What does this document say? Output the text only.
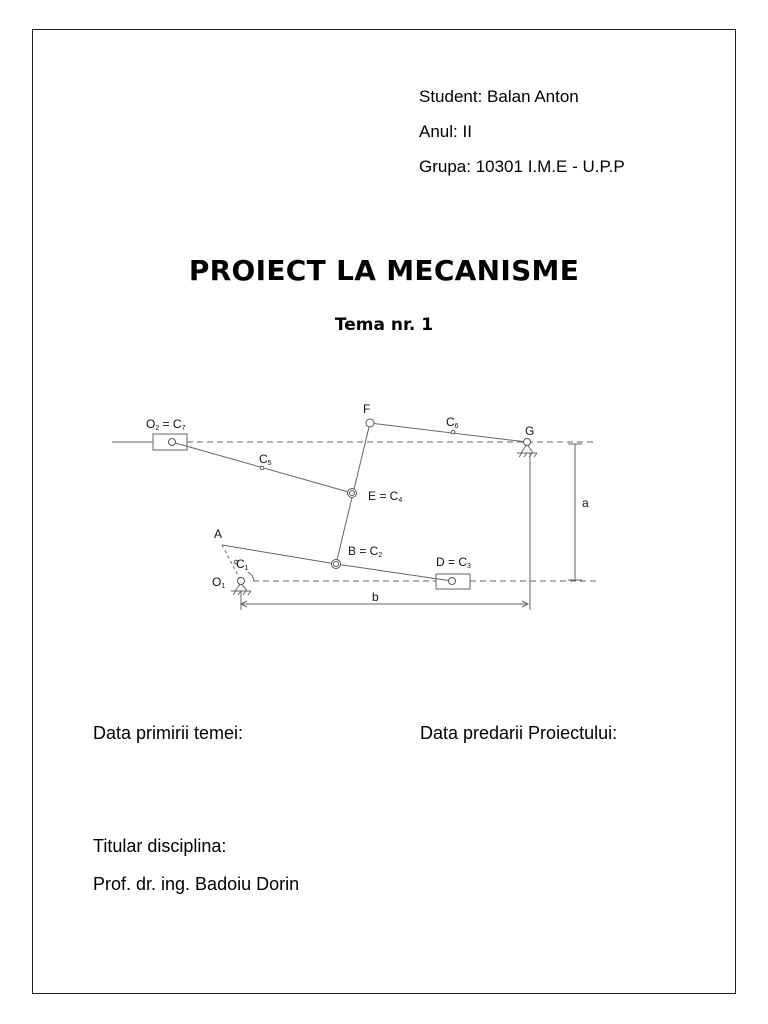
Student: Balan Anton
Anul: II
Grupa: 10301 I.M.E - U.P.P
PROIECT LA MECANISME
Tema nr. 1
O2 = C7
C5
F
C6	G
E = C4
A
C1
O1
B = C2	D = C3
a
b
Data primirii temei:	Data predarii Proiectului:
Titular disciplina:
Prof. dr. ing. Badoiu Dorin
